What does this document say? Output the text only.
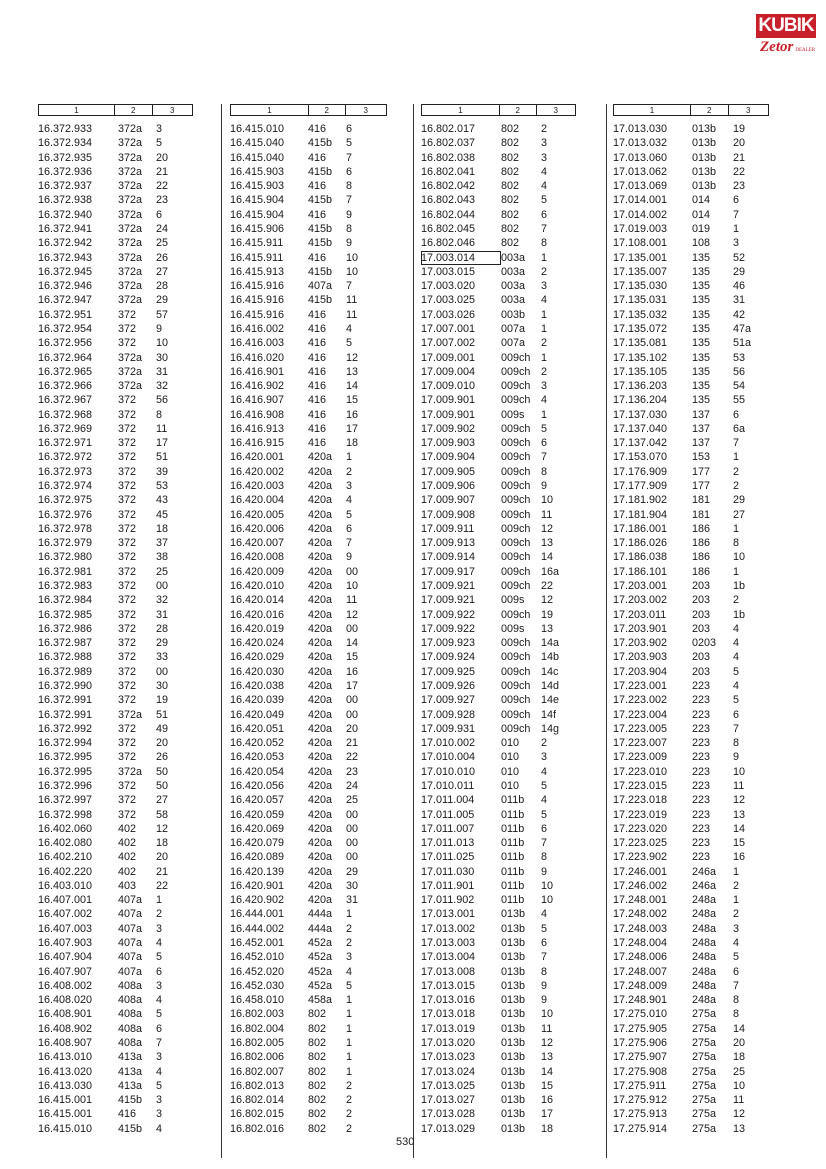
KUBIK
Zetor DEALER
1	2	3
16.372.933	372a	3
16.372.934	372a	5
16.372.935	372a	20
16.372.936	372a	21
16.372.937	372a	22
16.372.938	372a	23
16.372.940	372a	6
16.372.941	372a	24
16.372.942	372a	25
16.372.943	372a	26
16.372.945	372a	27
16.372.946	372a	28
16.372.947	372a	29
16.372.951	372	57
16.372.954	372	9
16.372.956	372	10
16.372.964	372a	30
16.372.965	372a	31
16.372.966	372a	32
16.372.967	372	56
16.372.968	372	8
16.372.969	372	11
16.372.971	372	17
16.372.972	372	51
16.372.973	372	39
16.372.974	372	53
16.372.975	372	43
16.372.976	372	45
16.372.978	372	18
16.372.979	372	37
16.372.980	372	38
16.372.981	372	25
16.372.983	372	00
16.372.984	372	32
16.372.985	372	31
16.372.986	372	28
16.372.987	372	29
16.372.988	372	33
16.372.989	372	00
16.372.990	372	30
16.372.991	372	19
16.372.991	372a	51
16.372.992	372	49
16.372.994	372	20
16.372.995	372	26
16.372.995	372a	50
16.372.996	372	50
16.372.997	372	27
16.372.998	372	58
16.402.060	402	12
16.402.080	402	18
16.402.210	402	20
16.402.220	402	21
16.403.010	403	22
16.407.001	407a	1
16.407.002	407a	2
16.407.003	407a	3
16.407.903	407a	4
16.407.904	407a	5
16.407.907	407a	6
16.408.002	408a	3
16.408.020	408a	4
16.408.901	408a	5
16.408.902	408a	6
16.408.907	408a	7
16.413.010	413a	3
16.413.020	413a	4
16.413.030	413a	5
16.415.001	415b	3
16.415.001	416	3
16.415.010	415b	4
1	2	3
16.415.010	416	6
16.415.040	415b	5
16.415.040	416	7
16.415.903	415b	6
16.415.903	416	8
16.415.904	415b	7
16.415.904	416	9
16.415.906	415b	8
16.415.911	415b	9
16.415.911	416	10
16.415.913	415b	10
16.415.916	407a	7
16.415.916	415b	11
16.415.916	416	11
16.416.002	416	4
16.416.003	416	5
16.416.020	416	12
16.416.901	416	13
16.416.902	416	14
16.416.907	416	15
16.416.908	416	16
16.416.913	416	17
16.416.915	416	18
16.420.001	420a	1
16.420.002	420a	2
16.420.003	420a	3
16.420.004	420a	4
16.420.005	420a	5
16.420.006	420a	6
16.420.007	420a	7
16.420.008	420a	9
16.420.009	420a	00
16.420.010	420a	10
16.420.014	420a	11
16.420.016	420a	12
16.420.019	420a	00
16.420.024	420a	14
16.420.029	420a	15
16.420.030	420a	16
16.420.038	420a	17
16.420.039	420a	00
16.420.049	420a	00
16.420.051	420a	20
16.420.052	420a	21
16.420.053	420a	22
16.420.054	420a	23
16.420.056	420a	24
16.420.057	420a	25
16.420.059	420a	00
16.420.069	420a	00
16.420.079	420a	00
16.420.089	420a	00
16.420.139	420a	29
16.420.901	420a	30
16.420.902	420a	31
16.444.001	444a	1
16.444.002	444a	2
16.452.001	452a	2
16.452.010	452a	3
16.452.020	452a	4
16.452.030	452a	5
16.458.010	458a	1
16.802.003	802	1
16.802.004	802	1
16.802.005	802	1
16.802.006	802	1
16.802.007	802	1
16.802.013	802	2
16.802.014	802	2
16.802.015	802	2
16.802.016	802	2
1	2	3
16.802.017	802	2
16.802.037	802	3
16.802.038	802	3
16.802.041	802	4
16.802.042	802	4
16.802.043	802	5
16.802.044	802	6
16.802.045	802	7
16.802.046	802	8
17.003.014	003a	1
17.003.015	003a	2
17.003.020	003a	3
17.003.025	003a	4
17.003.026	003b	1
17.007.001	007a	1
17.007.002	007a	2
17.009.001	009ch 1
17.009.004	009ch 2
17.009.010	009ch 3
17.009.901	009ch 4
17.009.901	009s	1
17.009.902	009ch 5
17.009.903	009ch 6
17.009.904	009ch 7
17.009.905	009ch 8
17.009.906	009ch 9
17.009.907	009ch 10
17.009.908	009ch 11
17.009.911	009ch 12
17.009.913	009ch 13
17.009.914	009ch 14
17.009.917	009ch 16a
17.009.921	009ch 22
17.009.921	009s	12
17.009.922	009ch 19
17.009.922	009s	13
17.009.923	009ch 14a
17.009.924	009ch 14b
17.009.925	009ch 14c
17.009.926	009ch 14d
17.009.927	009ch 14e
17.009.928	009ch 14f
17.009.931	009ch 14g
17.010.002	010	2
17.010.004	010	3
17.010.010	010	4
17.010.011	010	5
17.011.004	011b	4
17.011.005	011b	5
17.011.007	011b	6
17.011.013	011b	7
17.011.025	011b	8
17.011.030	011b	9
17.011.901	011b	10
17.011.902	011b	10
17.013.001	013b	4
17.013.002	013b	5
17.013.003	013b	6
17.013.004	013b	7
17.013.008	013b	8
17.013.015	013b	9
17.013.016	013b	9
17.013.018	013b	10
17.013.019	013b	11
17.013.020	013b	12
17.013.023	013b	13
17.013.024	013b	14
17.013.025	013b	15
17.013.027	013b	16
17.013.028	013b	17
17.013.029	013b	18
1	2	3
17.013.030	013b	19
17.013.032	013b	20
17.013.060	013b	21
17.013.062	013b	22
17.013.069	013b	23
17.014.001	014	6
17.014.002	014	7
17.019.003	019	1
17.108.001	108	3
17.135.001	135	52
17.135.007	135	29
17.135.030	135	46
17.135.031	135	31
17.135.032	135	42
17.135.072	135	47a
17.135.081	135	51a
17.135.102	135	53
17.135.105	135	56
17.136.203	135	54
17.136.204	135	55
17.137.030	137	6
17.137.040	137	6a
17.137.042	137	7
17.153.070	153	1
17.176.909	177	2
17.177.909	177	2
17.181.902	181	29
17.181.904	181	27
17.186.001	186	1
17.186.026	186	8
17.186.038	186	10
17.186.101	186	1
17.203.001	203	1b
17.203.002	203	2
17.203.011	203	1b
17.203.901	203	4
17.203.902	0203	4
17.203.903	203	4
17.203.904	203	5
17.223.001	223	4
17.223.002	223	5
17.223.004	223	6
17.223.005	223	7
17.223.007	223	8
17.223.009	223	9
17.223.010	223	10
17.223.015	223	11
17.223.018	223	12
17.223.019	223	13
17.223.020	223	14
17.223.025	223	15
17.223.902	223	16
17.246.001	246a	1
17.246.002	246a	2
17.248.001	248a	1
17.248.002	248a	2
17.248.003	248a	3
17.248.004	248a	4
17.248.006	248a	5
17.248.007	248a	6
17.248.009	248a	7
17.248.901	248a	8
17.275.010	275a	8
17.275.905	275a	14
17.275.906	275a	20
17.275.907	275a	18
17.275.908	275a	25
17.275.911	275a	10
17.275.912	275a	11
17.275.913	275a	12
17.275.914	275a	13
530
